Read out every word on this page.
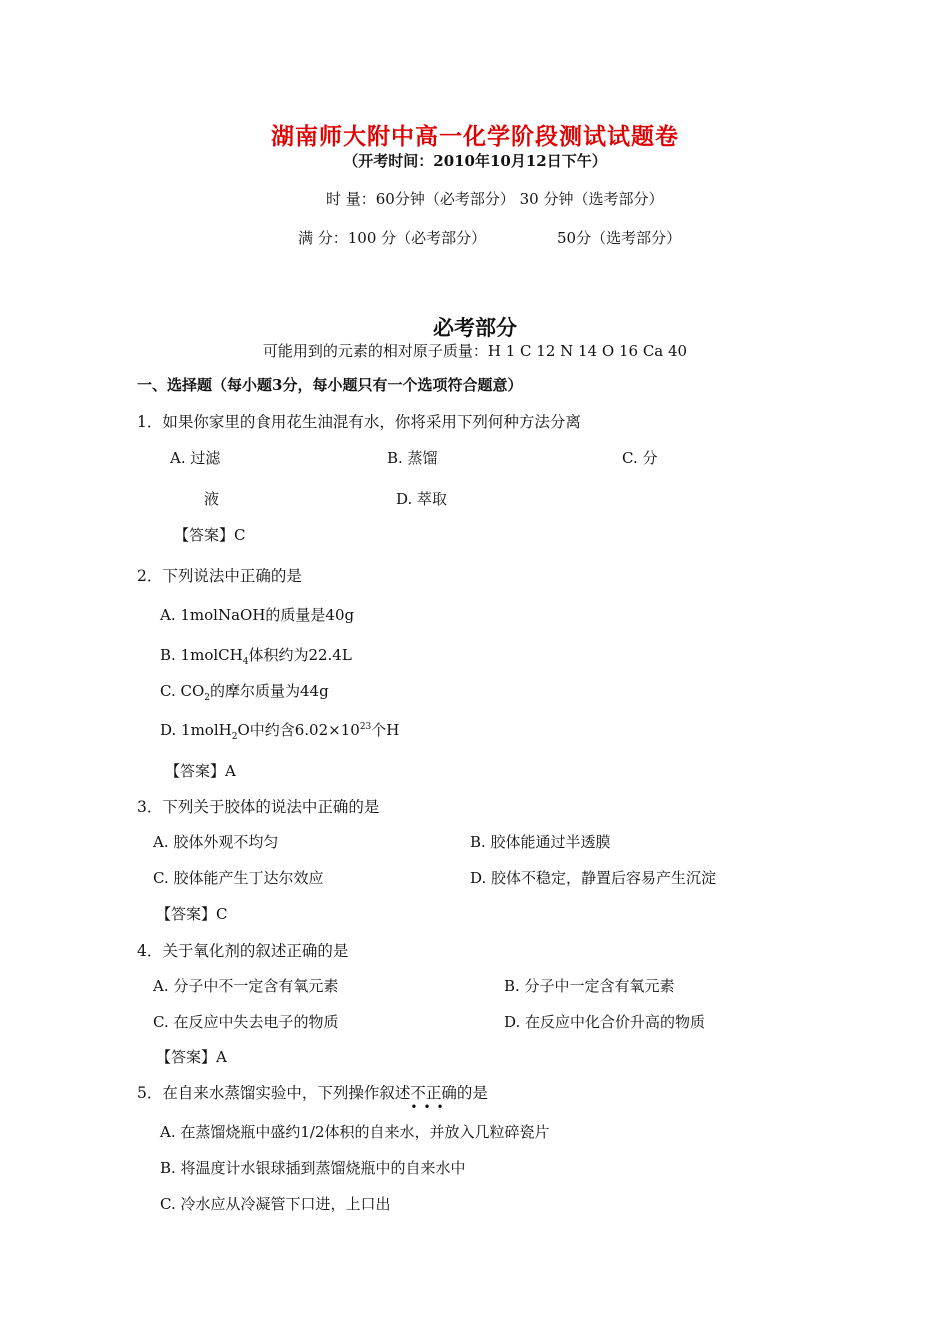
湖南师大附中高一化学阶段测试试题卷
（开考时间：2010年10月12日下午）
时 量：60分钟（必考部分） 30 分钟（选考部分）
满 分：100 分（必考部分）	50分（选考部分）
必考部分
可能用到的元素的相对原子质量：H 1 C 12 N 14 O 16 Ca 40
一、选择题（每小题3分，每小题只有一个选项符合题意）
1．如果你家里的食用花生油混有水，你将采用下列何种方法分离
A. 过滤	B. 蒸馏	C. 分
液	D. 萃取
【答案】C
2．下列说法中正确的是
A. 1molNaOH的质量是40g
B. 1molCH$_4$体积约为22.4L
C. $CO_2$的摩尔质量为44g
D. 1molH$_2$O中约含$6.02\times 10^{23}$个H
【答案】A
3．下列关于胶体的说法中正确的是
A. 胶体外观不均匀	B. 胶体能通过半透膜
C. 胶体能产生丁达尔效应	D. 胶体不稳定，静置后容易产生沉淀
【答案】C
4．关于氧化剂的叙述正确的是
A. 分子中不一定含有氧元素	B. 分子中一定含有氧元素
C. 在反应中失去电子的物质	D. 在反应中化合价升高的物质
【答案】A
5．在自来水蒸馏实验中，下列操作叙述不正确
•••
的是
A. 在蒸馏烧瓶中盛约1/2体积的自来水，并放入几粒碎瓷片
B. 将温度计水银球插到蒸馏烧瓶中的自来水中
C. 冷水应从冷凝管下口进，上口出
